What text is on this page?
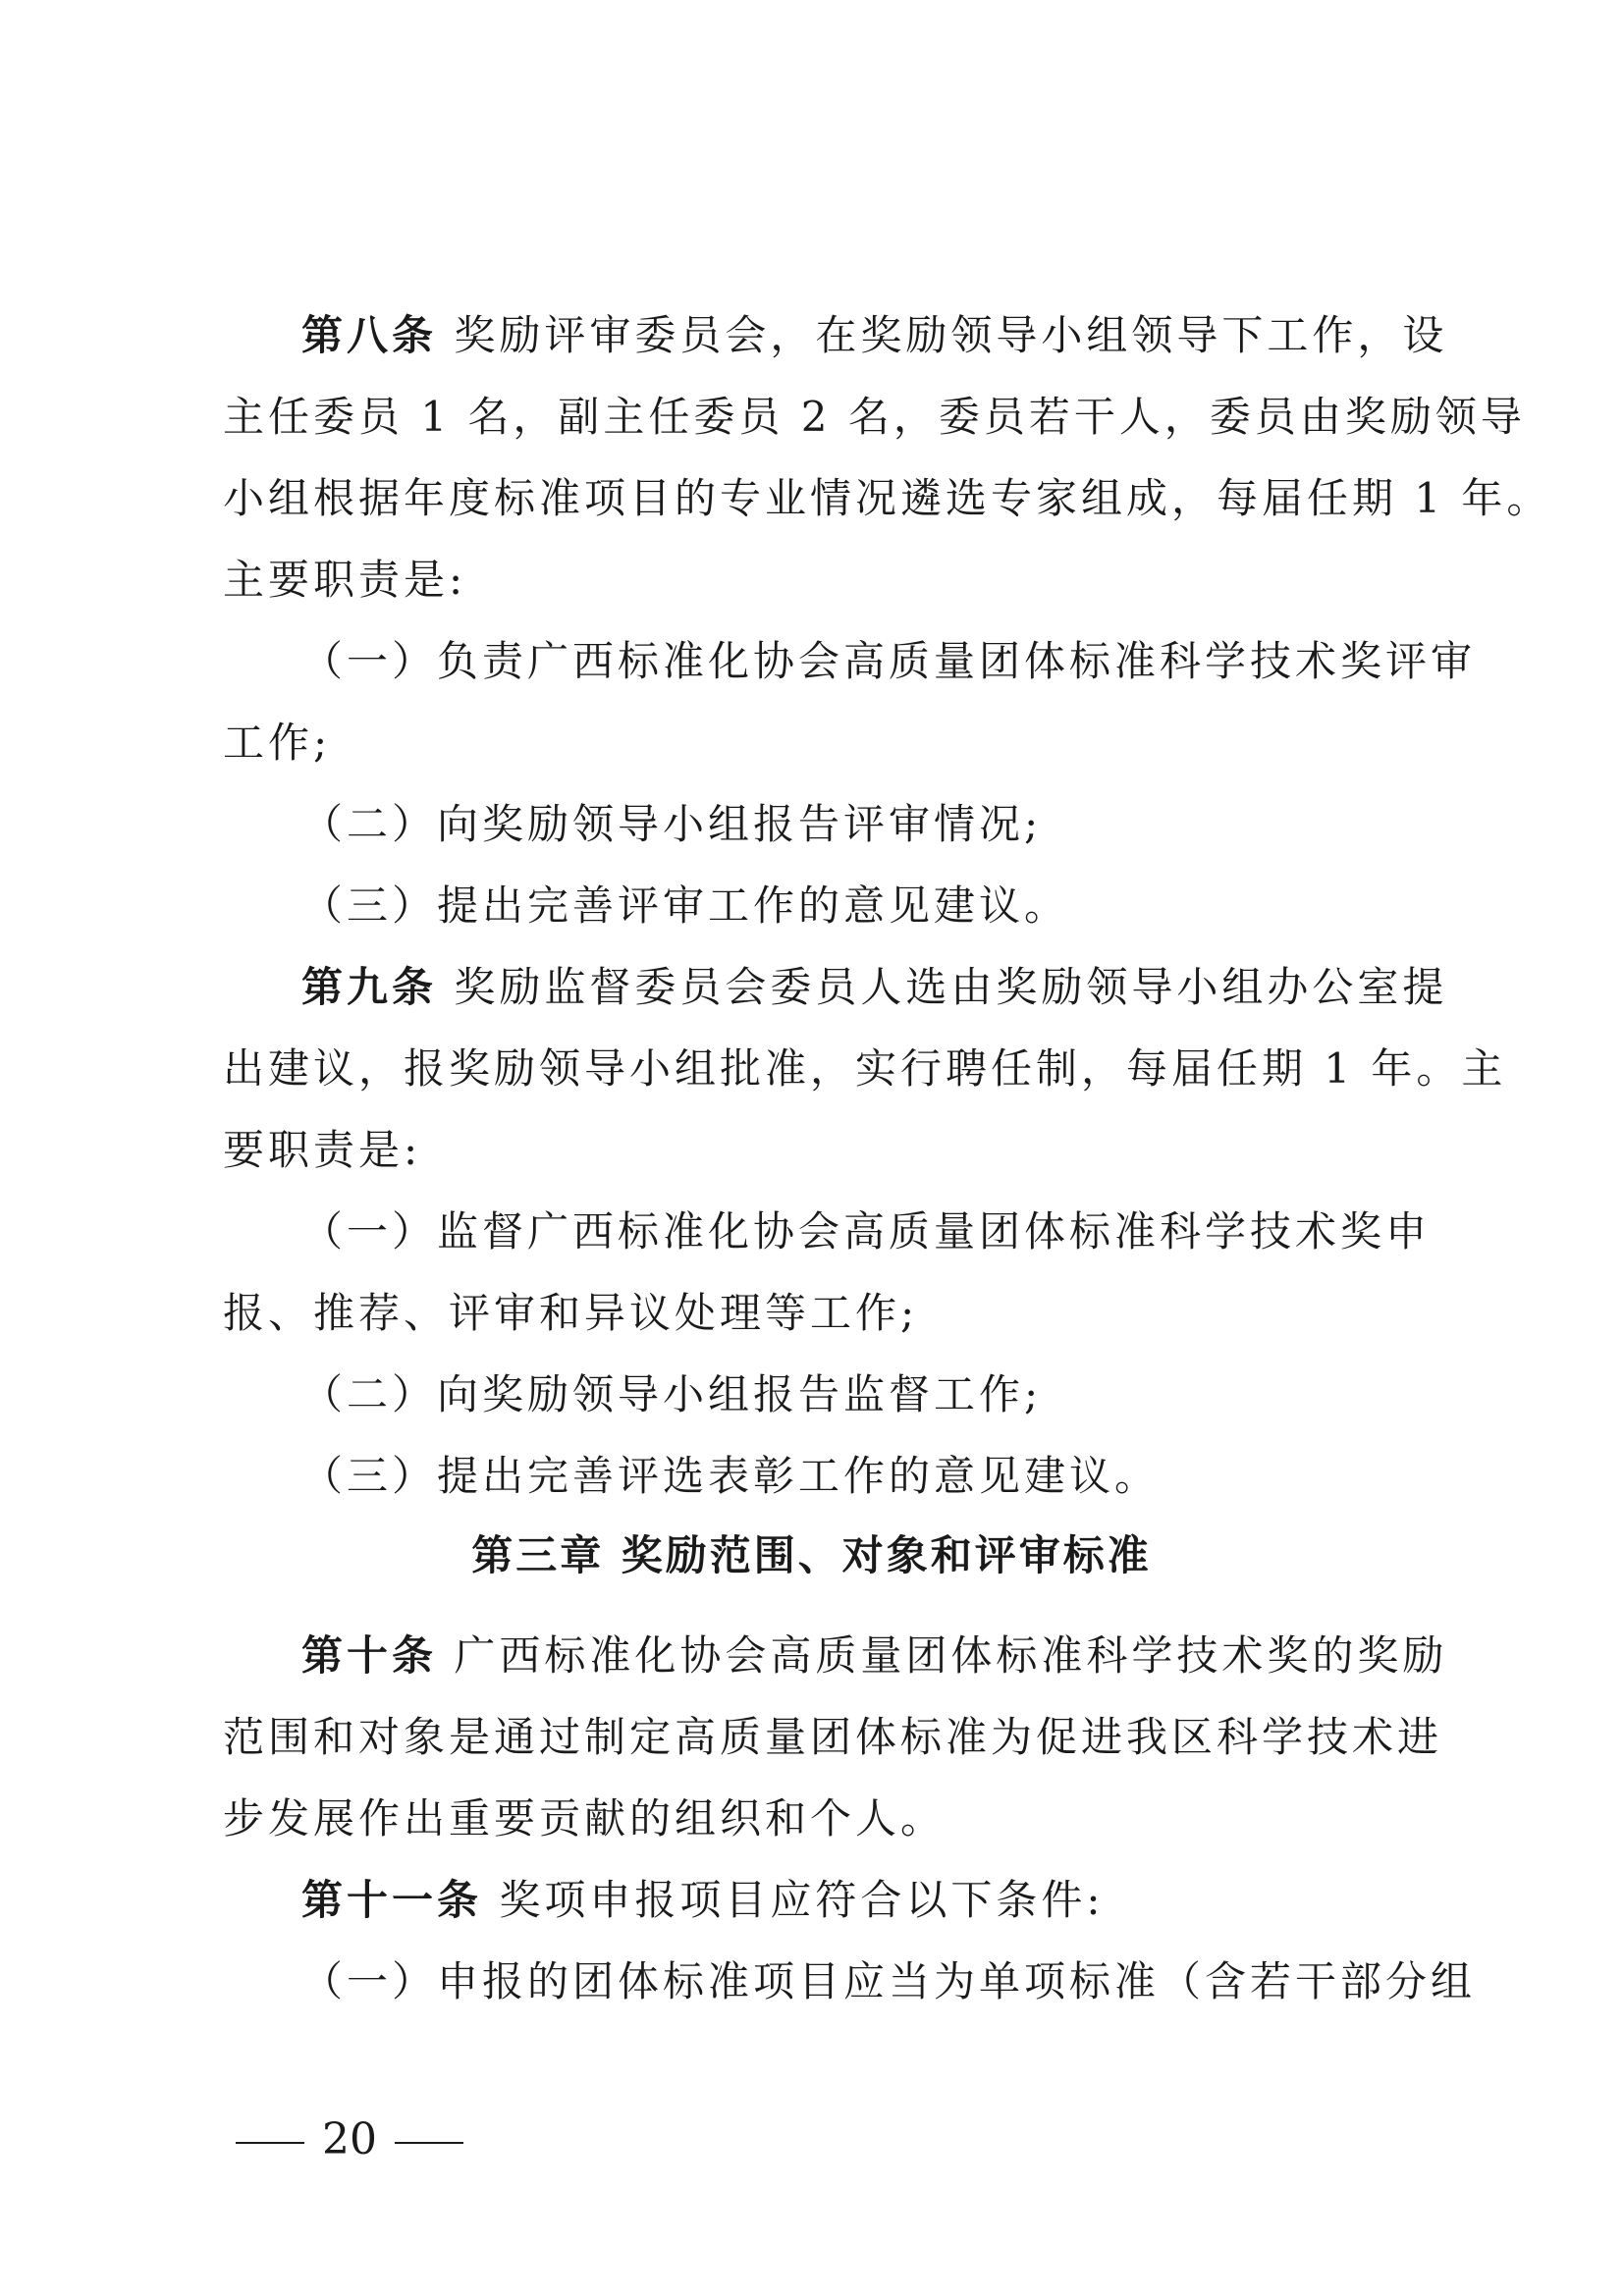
第八条 奖励评审委员会，在奖励领导小组领导下工作，设
主任委员 1 名，副主任委员 2 名，委员若干人，委员由奖励领导
小组根据年度标准项目的专业情况遴选专家组成，每届任期 1 年。
主要职责是:
（一）负责广西标准化协会高质量团体标准科学技术奖评审
工作;
（二）向奖励领导小组报告评审情况;
（三）提出完善评审工作的意见建议。
第九条 奖励监督委员会委员人选由奖励领导小组办公室提
出建议，报奖励领导小组批准，实行聘任制，每届任期 1 年。主
要职责是:
（一）监督广西标准化协会高质量团体标准科学技术奖申
报、推荐、评审和异议处理等工作;
（二）向奖励领导小组报告监督工作;
（三）提出完善评选表彰工作的意见建议。
第三章 奖励范围、对象和评审标准
第十条 广西标准化协会高质量团体标准科学技术奖的奖励
范围和对象是通过制定高质量团体标准为促进我区科学技术进
步发展作出重要贡献的组织和个人。
第十一条 奖项申报项目应符合以下条件:
（一）申报的团体标准项目应当为单项标准（含若干部分组
20
